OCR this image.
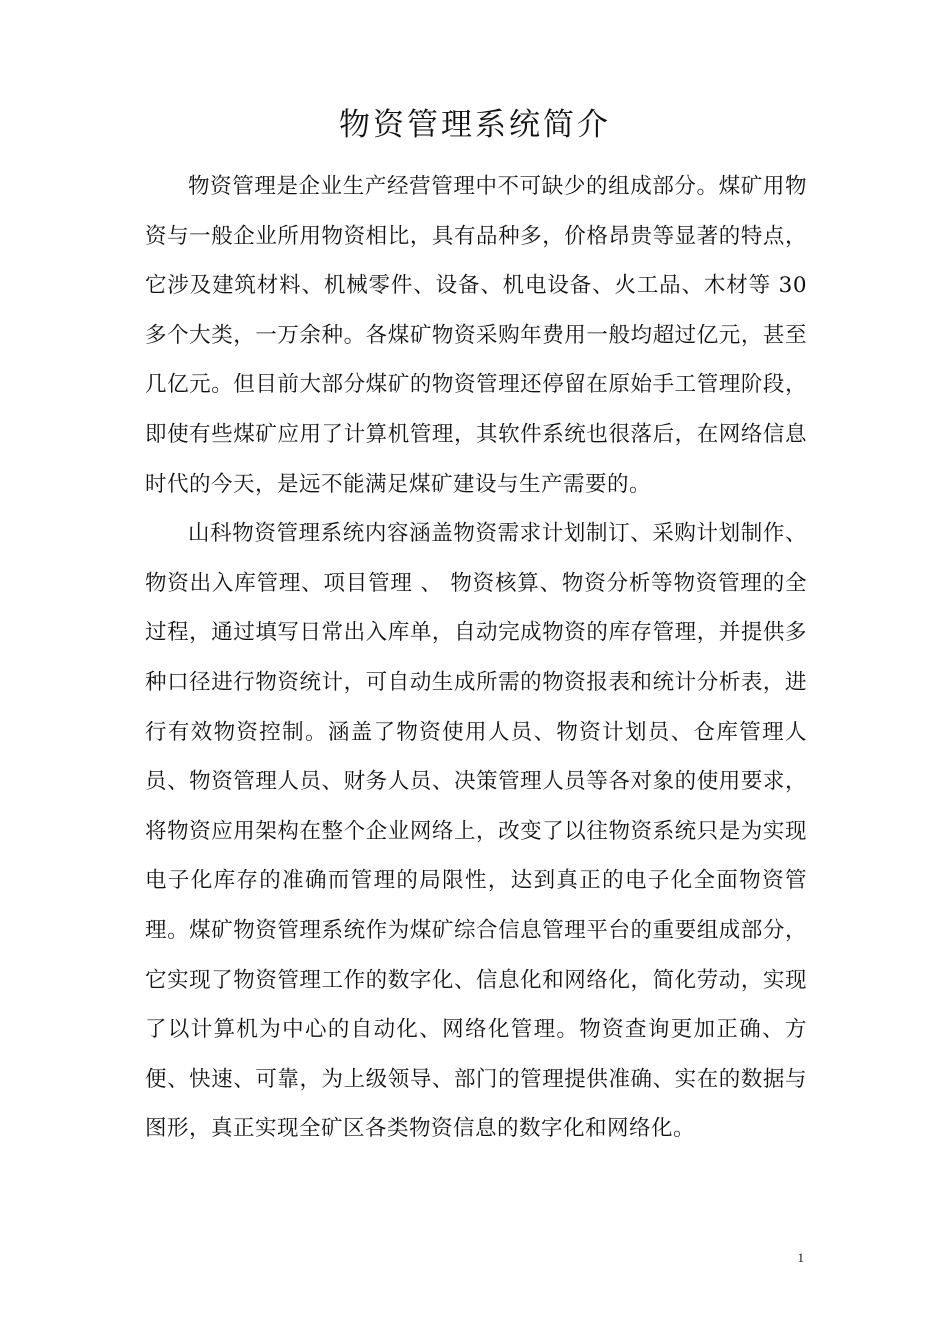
物资管理系统简介

物资管理是企业生产经营管理中不可缺少的组成部分。煤矿用物资与一般企业所用物资相比，具有品种多，价格昂贵等显著的特点，它涉及建筑材料、机械零件、设备、机电设备、火工品、木材等 30多个大类，一万余种。各煤矿物资采购年费用一般均超过亿元，甚至几亿元。但目前大部分煤矿的物资管理还停留在原始手工管理阶段，即使有些煤矿应用了计算机管理，其软件系统也很落后，在网络信息时代的今天，是远不能满足煤矿建设与生产需要的。

山科物资管理系统内容涵盖物资需求计划制订、采购计划制作、物资出入库管理、项目管理 、 物资核算、物资分析等物资管理的全过程，通过填写日常出入库单，自动完成物资的库存管理，并提供多种口径进行物资统计，可自动生成所需的物资报表和统计分析表，进行有效物资控制。涵盖了物资使用人员、物资计划员、仓库管理人员、物资管理人员、财务人员、决策管理人员等各对象的使用要求，将物资应用架构在整个企业网络上，改变了以往物资系统只是为实现电子化库存的准确而管理的局限性，达到真正的电子化全面物资管理。煤矿物资管理系统作为煤矿综合信息管理平台的重要组成部分，它实现了物资管理工作的数字化、信息化和网络化，简化劳动，实现了以计算机为中心的自动化、网络化管理。物资查询更加正确、方便、快速、可靠，为上级领导、部门的管理提供准确、实在的数据与图形，真正实现全矿区各类物资信息的数字化和网络化。

1
